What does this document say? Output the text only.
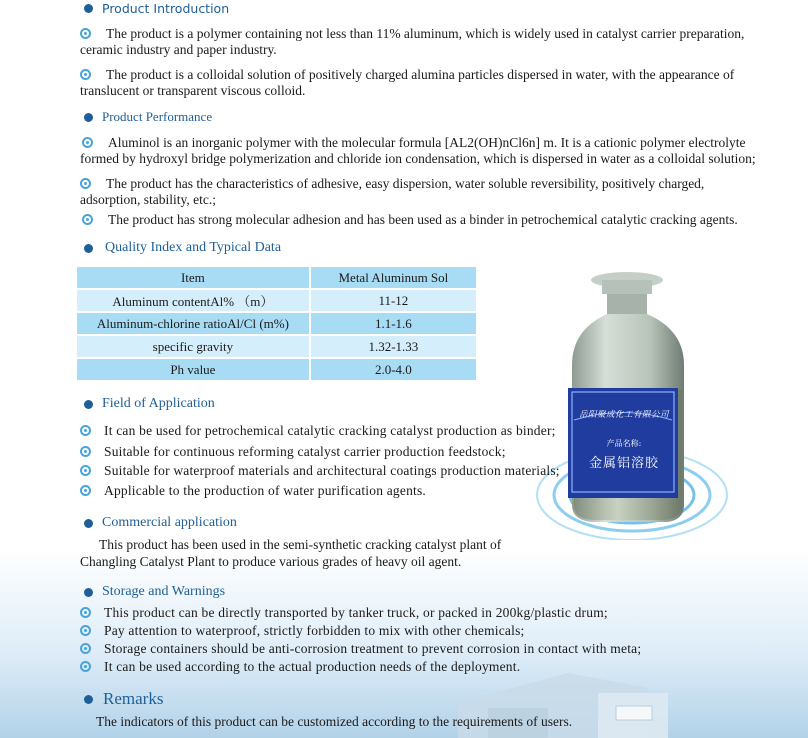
岳阳聚成化工有限公司
产品名称:
金属铝溶胶
Product Introduction
The product is a polymer containing not less than 11% aluminum, which is widely used in catalyst carrier preparation,
ceramic industry and paper industry.
The product is a colloidal solution of positively charged alumina particles dispersed in water, with the appearance of
translucent or transparent viscous colloid.
Product Performance
Aluminol is an inorganic polymer with the molecular formula [AL2(OH)nCl6n] m. It is a cationic polymer electrolyte
formed by hydroxyl bridge polymerization and chloride ion condensation, which is dispersed in water as a colloidal solution;
The product has the characteristics of adhesive, easy dispersion, water soluble reversibility, positively charged,
adsorption, stability, etc.;
The product has strong molecular adhesion and has been used as a binder in petrochemical catalytic cracking agents.
Quality Index and Typical Data
Item	Metal Aluminum Sol
Aluminum contentAl% （m）	11-12
Aluminum-chlorine ratioAl/Cl (m%)	1.1-1.6
specific gravity	1.32-1.33
Ph value	2.0-4.0
Field of Application
It can be used for petrochemical catalytic cracking catalyst production as binder;
Suitable for continuous reforming catalyst carrier production feedstock;
Suitable for waterproof materials and architectural coatings production materials;
Applicable to the production of water purification agents.
Commercial application
This product has been used in the semi-synthetic cracking catalyst plant of
Changling Catalyst Plant to produce various grades of heavy oil agent.
Storage and Warnings
This product can be directly transported by tanker truck, or packed in 200kg/plastic drum;
Pay attention to waterproof, strictly forbidden to mix with other chemicals;
Storage containers should be anti-corrosion treatment to prevent corrosion in contact with meta;
It can be used according to the actual production needs of the deployment.
Remarks
The indicators of this product can be customized according to the requirements of users.
